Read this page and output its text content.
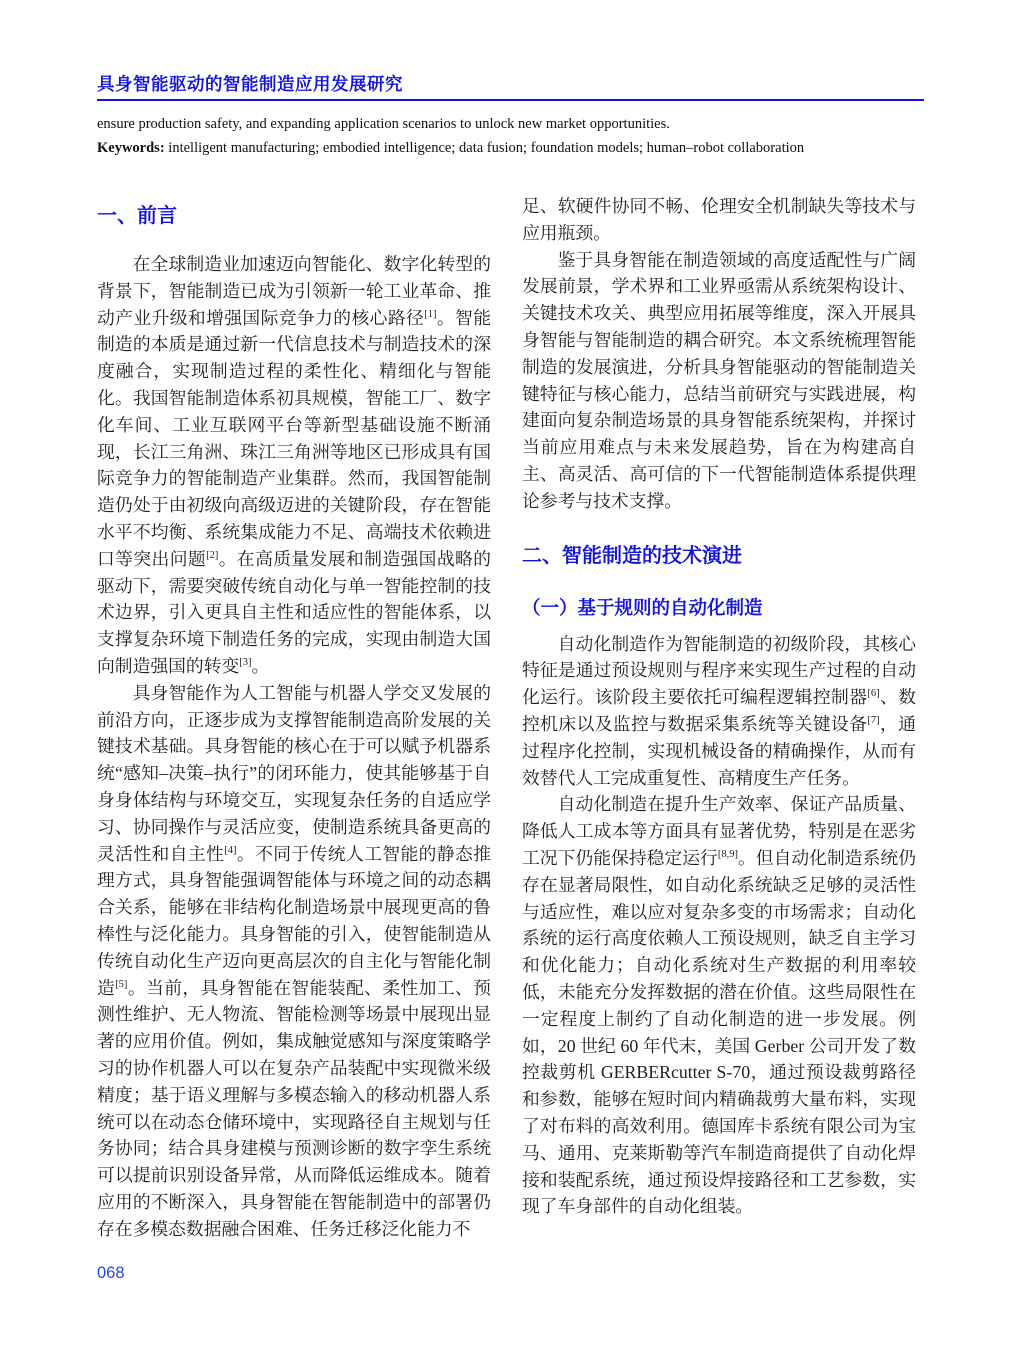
具身智能驱动的智能制造应用发展研究
ensure production safety, and expanding application scenarios to unlock new market opportunities.
Keywords: intelligent manufacturing; embodied intelligence; data fusion; foundation models; human–robot collaboration
一、前言

在全球制造业加速迈向智能化、数字化转型的背景下，智能制造已成为引领新一轮工业革命、推动产业升级和增强国际竞争力的核心路径[1]。智能制造的本质是通过新一代信息技术与制造技术的深度融合，实现制造过程的柔性化、精细化与智能化。我国智能制造体系初具规模，智能工厂、数字化车间、工业互联网平台等新型基础设施不断涌现，长江三角洲、珠江三角洲等地区已形成具有国际竞争力的智能制造产业集群。然而，我国智能制造仍处于由初级向高级迈进的关键阶段，存在智能水平不均衡、系统集成能力不足、高端技术依赖进口等突出问题[2]。在高质量发展和制造强国战略的驱动下，需要突破传统自动化与单一智能控制的技术边界，引入更具自主性和适应性的智能体系，以支撑复杂环境下制造任务的完成，实现由制造大国向制造强国的转变[3]。

具身智能作为人工智能与机器人学交叉发展的前沿方向，正逐步成为支撑智能制造高阶发展的关键技术基础。具身智能的核心在于可以赋予机器系统“感知–决策–执行”的闭环能力，使其能够基于自身身体结构与环境交互，实现复杂任务的自适应学习、协同操作与灵活应变，使制造系统具备更高的灵活性和自主性[4]。不同于传统人工智能的静态推理方式，具身智能强调智能体与环境之间的动态耦合关系，能够在非结构化制造场景中展现更高的鲁棒性与泛化能力。具身智能的引入，使智能制造从传统自动化生产迈向更高层次的自主化与智能化制造[5]。当前，具身智能在智能装配、柔性加工、预测性维护、无人物流、智能检测等场景中展现出显著的应用价值。例如，集成触觉感知与深度策略学习的协作机器人可以在复杂产品装配中实现微米级精度；基于语义理解与多模态输入的移动机器人系统可以在动态仓储环境中，实现路径自主规划与任务协同；结合具身建模与预测诊断的数字孪生系统可以提前识别设备异常，从而降低运维成本。随着应用的不断深入，具身智能在智能制造中的部署仍存在多模态数据融合困难、任务迁移泛化能力不

足、软硬件协同不畅、伦理安全机制缺失等技术与应用瓶颈。

鉴于具身智能在制造领域的高度适配性与广阔发展前景，学术界和工业界亟需从系统架构设计、关键技术攻关、典型应用拓展等维度，深入开展具身智能与智能制造的耦合研究。本文系统梳理智能制造的发展演进，分析具身智能驱动的智能制造关键特征与核心能力，总结当前研究与实践进展，构建面向复杂制造场景的具身智能系统架构，并探讨当前应用难点与未来发展趋势，旨在为构建高自主、高灵活、高可信的下一代智能制造体系提供理论参考与技术支撑。

二、智能制造的技术演进
（一）基于规则的自动化制造

自动化制造作为智能制造的初级阶段，其核心特征是通过预设规则与程序来实现生产过程的自动化运行。该阶段主要依托可编程逻辑控制器[6]、数控机床以及监控与数据采集系统等关键设备[7]，通过程序化控制，实现机械设备的精确操作，从而有效替代人工完成重复性、高精度生产任务。

自动化制造在提升生产效率、保证产品质量、降低人工成本等方面具有显著优势，特别是在恶劣工况下仍能保持稳定运行[8,9]。但自动化制造系统仍存在显著局限性，如自动化系统缺乏足够的灵活性与适应性，难以应对复杂多变的市场需求；自动化系统的运行高度依赖人工预设规则，缺乏自主学习和优化能力；自动化系统对生产数据的利用率较低，未能充分发挥数据的潜在价值。这些局限性在一定程度上制约了自动化制造的进一步发展。例如，20 世纪 60 年代末，美国 Gerber 公司开发了数控裁剪机 GERBERcutter S-70，通过预设裁剪路径和参数，能够在短时间内精确裁剪大量布料，实现了对布料的高效利用。德国库卡系统有限公司为宝马、通用、克莱斯勒等汽车制造商提供了自动化焊接和装配系统，通过预设焊接路径和工艺参数，实现了车身部件的自动化组装。

068
